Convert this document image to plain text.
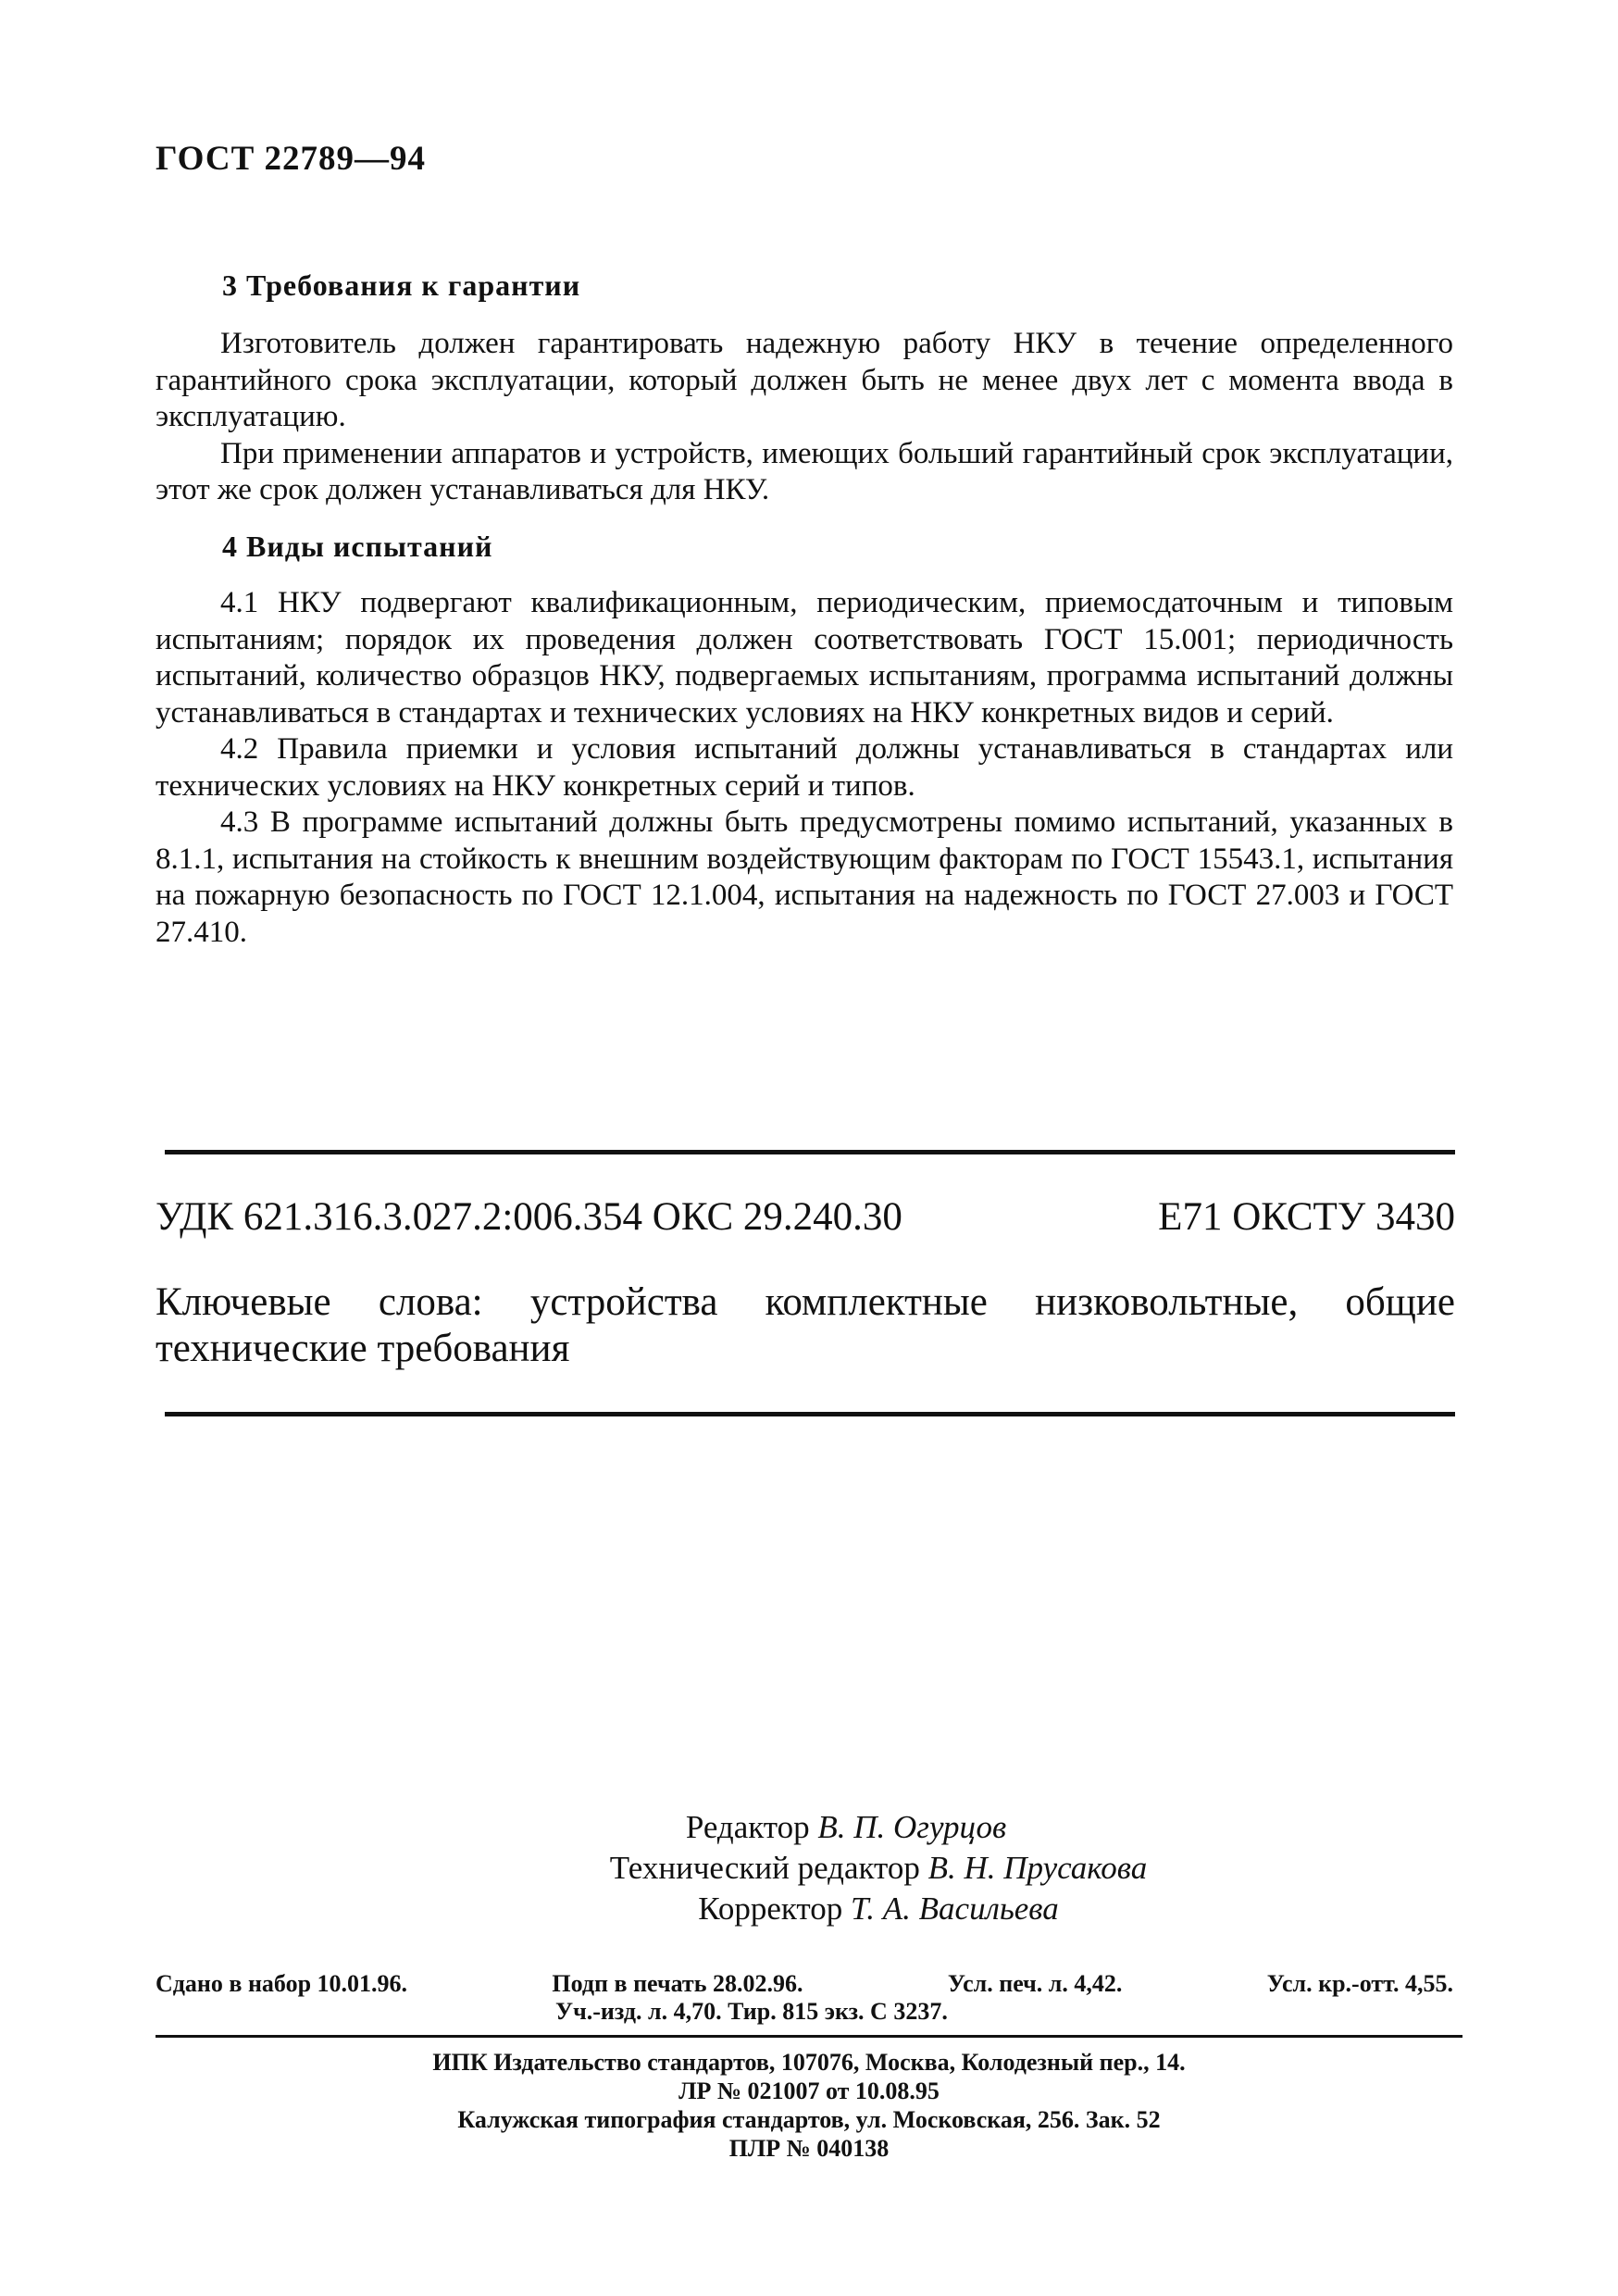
ГОСТ 22789—94
3 Требования к гарантии

Изготовитель должен гарантировать надежную работу НКУ в течение определенного гарантийного срока эксплуатации, который должен быть не менее двух лет с момента ввода в эксплуатацию.

При применении аппаратов и устройств, имеющих больший гарантийный срок эксплуатации, этот же срок должен устанавливаться для НКУ.

4 Виды испытаний

4.1 НКУ подвергают квалификационным, периодическим, приемосдаточным и типовым испытаниям; порядок их проведения должен соответствовать ГОСТ 15.001; периодичность испытаний, количество образцов НКУ, подвергаемых испытаниям, программа испытаний должны устанавливаться в стандартах и технических условиях на НКУ конкретных видов и серий.

4.2 Правила приемки и условия испытаний должны устанавливаться в стандартах или технических условиях на НКУ конкретных серий и типов.

4.3 В программе испытаний должны быть предусмотрены помимо испытаний, указанных в 8.1.1, испытания на стойкость к внешним воздействующим факторам по ГОСТ 15543.1, испытания на пожарную безопасность по ГОСТ 12.1.004, испытания на надежность по ГОСТ 27.003 и ГОСТ 27.410.

УДК 621.316.3.027.2:006.354 ОКС 29.240.30	Е71 ОКСТУ 3430

Ключевые слова: устройства комплектные низковольтные, общие технические требования

Редактор В. П. Огурцов
Технический редактор В. Н. Прусакова
Корректор Т. А. Васильева
Сдано в набор 10.01.96.	Подп в печать 28.02.96.	Усл. печ. л. 4,42.	Усл. кр.-отт. 4,55.
Уч.-изд. л. 4,70. Тир. 815 экз. С 3237.
ИПК Издательство стандартов, 107076, Москва, Колодезный пер., 14.
ЛР № 021007 от 10.08.95
Калужская типография стандартов, ул. Московская, 256. Зак. 52
ПЛР № 040138
